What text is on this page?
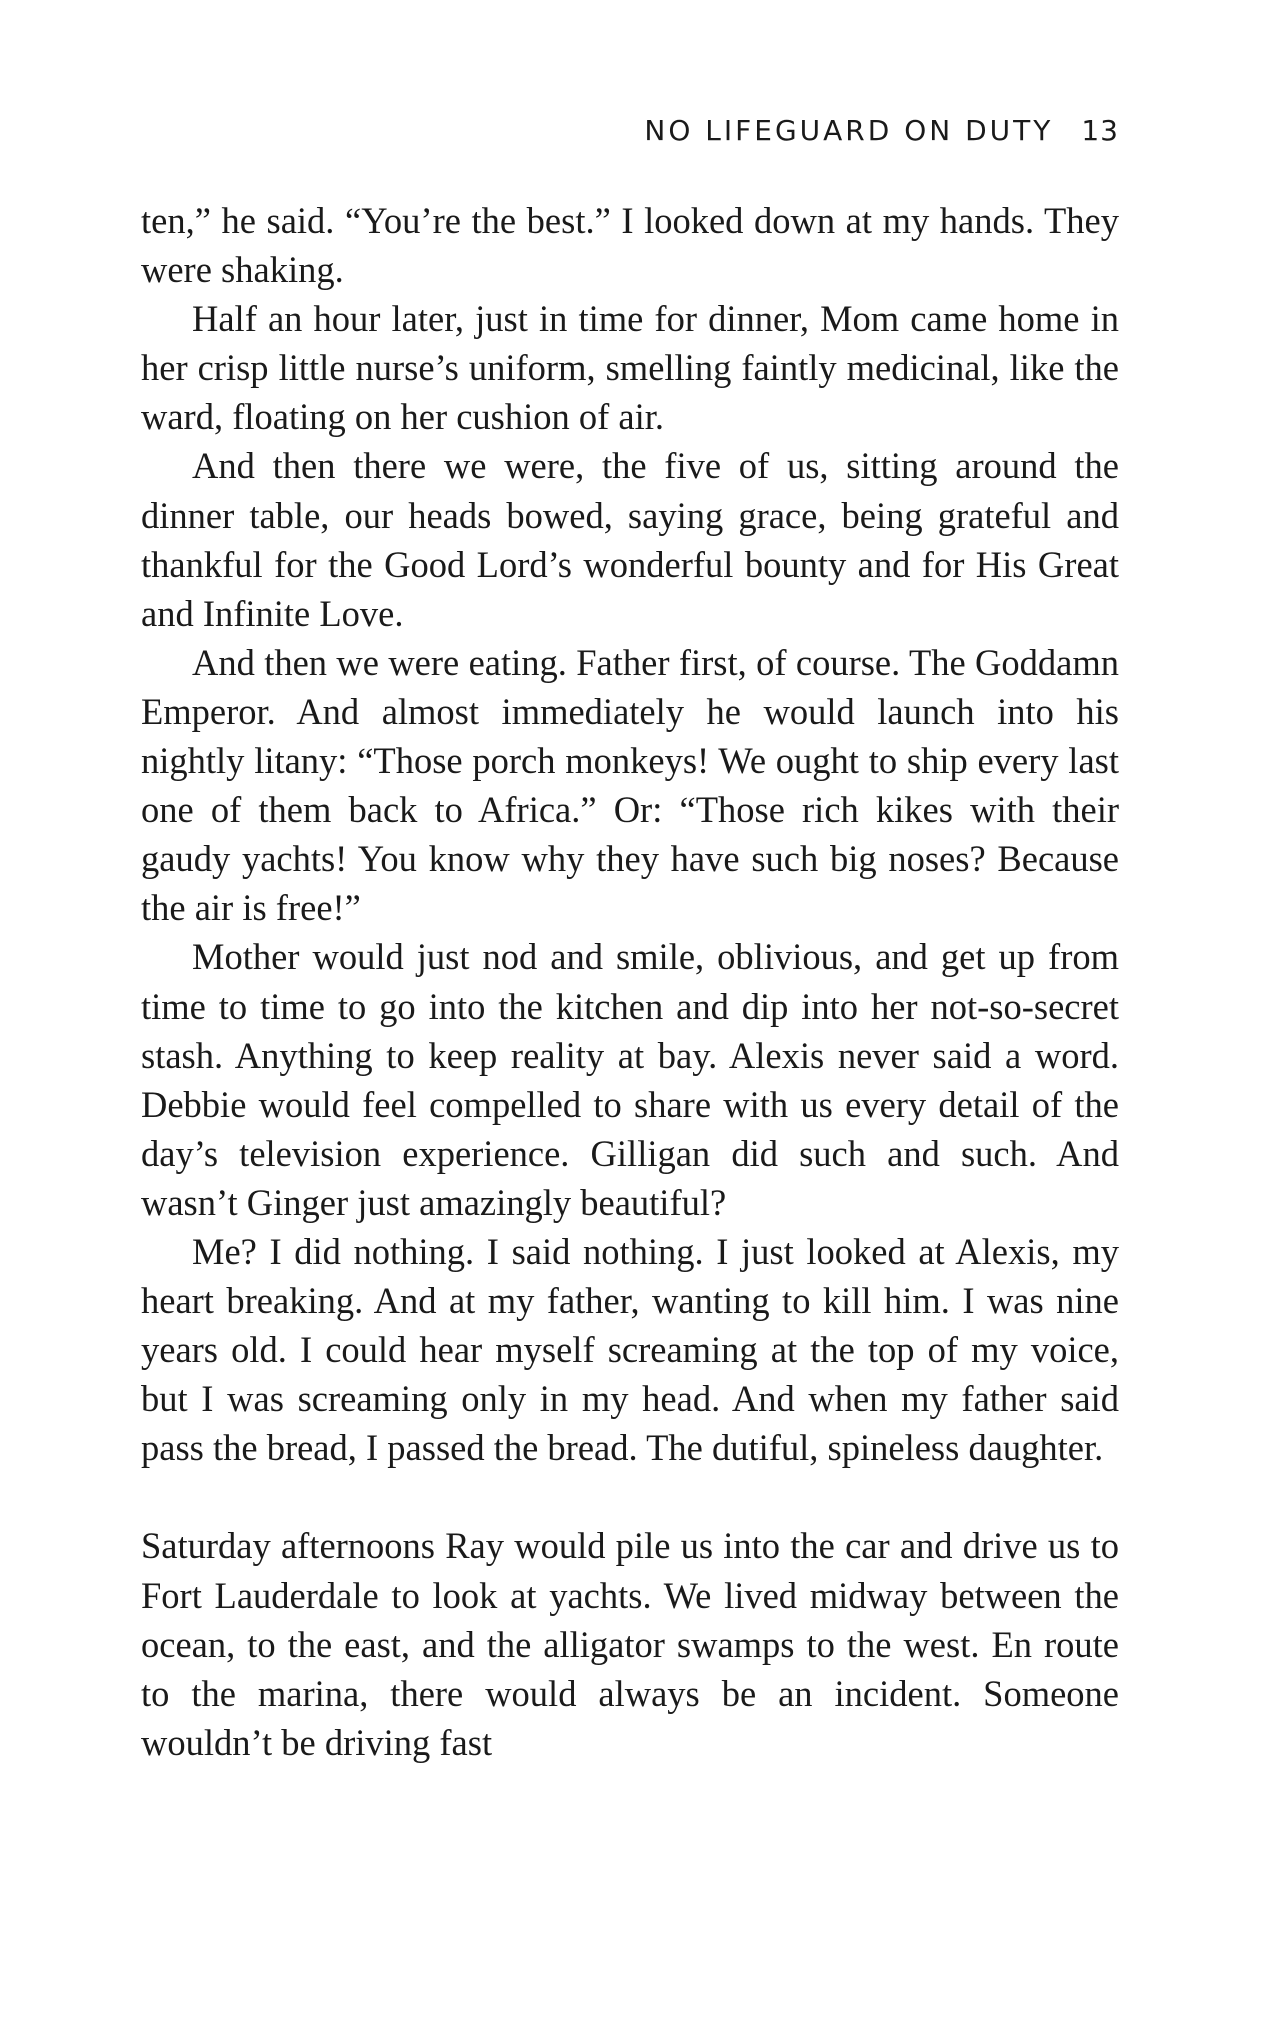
NO LIFEGUARD ON DUTY 13

ten,” he said. “You’re the best.” I looked down at my hands. They were shaking.

Half an hour later, just in time for dinner, Mom came home in her crisp little nurse’s uniform, smelling faintly medicinal, like the ward, floating on her cushion of air.

And then there we were, the five of us, sitting around the dinner table, our heads bowed, saying grace, being grateful and thankful for the Good Lord’s wonderful bounty and for His Great and Infinite Love.

And then we were eating. Father first, of course. The Goddamn Emperor. And almost immediately he would launch into his nightly litany: “Those porch monkeys! We ought to ship every last one of them back to Africa.” Or: “Those rich kikes with their gaudy yachts! You know why they have such big noses? Because the air is free!”

Mother would just nod and smile, oblivious, and get up from time to time to go into the kitchen and dip into her not-so-secret stash. Anything to keep reality at bay. Alexis never said a word. Debbie would feel compelled to share with us every detail of the day’s television experience. Gilligan did such and such. And wasn’t Ginger just amazingly beautiful?

Me? I did nothing. I said nothing. I just looked at Alexis, my heart breaking. And at my father, wanting to kill him. I was nine years old. I could hear myself screaming at the top of my voice, but I was screaming only in my head. And when my father said pass the bread, I passed the bread. The dutiful, spineless daughter.

Saturday afternoons Ray would pile us into the car and drive us to Fort Lauderdale to look at yachts. We lived midway between the ocean, to the east, and the alligator swamps to the west. En route to the marina, there would always be an incident. Someone wouldn’t be driving fast
